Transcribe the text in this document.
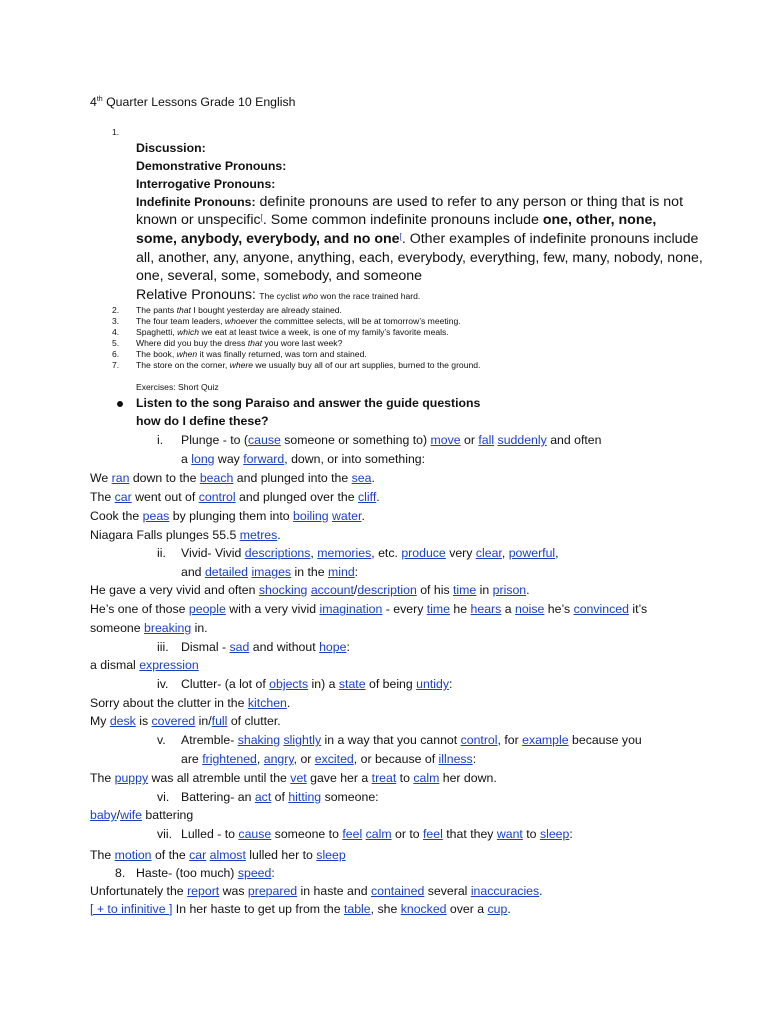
4th Quarter Lessons Grade 10 English
1.
Discussion:
Demonstrative Pronouns:
Interrogative Pronouns:
Indefinite Pronouns: definite pronouns are used to refer to any person or thing that is not
known or unspecific[. Some common indefinite pronouns include one, other, none,
some, anybody, everybody, and no one[. Other examples of indefinite pronouns include
all, another, any, anyone, anything, each, everybody, everything, few, many, nobody, none,
one, several, some, somebody, and someone
Relative Pronouns: The cyclist who won the race trained hard.
2. The pants that I bought yesterday are already stained.
3. The four team leaders, whoever the committee selects, will be at tomorrow’s meeting.
4. Spaghetti, which we eat at least twice a week, is one of my family’s favorite meals.
5. Where did you buy the dress that you wore last week?
6. The book, when it was finally returned, was torn and stained.
7. The store on the corner, where we usually buy all of our art supplies, burned to the ground.
Exercises: Short Quiz
Listen to the song Paraiso and answer the guide questions
how do I define these?
i. Plunge - to (cause someone or something to) move or fall suddenly and often
a long way forward, down, or into something:
We ran down to the beach and plunged into the sea.
The car went out of control and plunged over the cliff.
Cook the peas by plunging them into boiling water.
Niagara Falls plunges 55.5 metres.
ii. Vivid- Vivid descriptions, memories, etc. produce very clear, powerful,
and detailed images in the mind:
He gave a very vivid and often shocking account/description of his time in prison.
He’s one of those people with a very vivid imagination - every time he hears a noise he’s convinced it’s
someone breaking in.
iii. Dismal - sad and without hope:
a dismal expression
iv. Clutter- (a lot of objects in) a state of being untidy:
Sorry about the clutter in the kitchen.
My desk is covered in/full of clutter.
v. Atremble- shaking slightly in a way that you cannot control, for example because you
are frightened, angry, or excited, or because of illness:
The puppy was all atremble until the vet gave her a treat to calm her down.
vi. Battering- an act of hitting someone:
baby/wife battering
vii. Lulled - to cause someone to feel calm or to feel that they want to sleep:
The motion of the car almost lulled her to sleep
8. Haste- (too much) speed:
Unfortunately the report was prepared in haste and contained several inaccuracies.
[ + to infinitive ] In her haste to get up from the table, she knocked over a cup.
